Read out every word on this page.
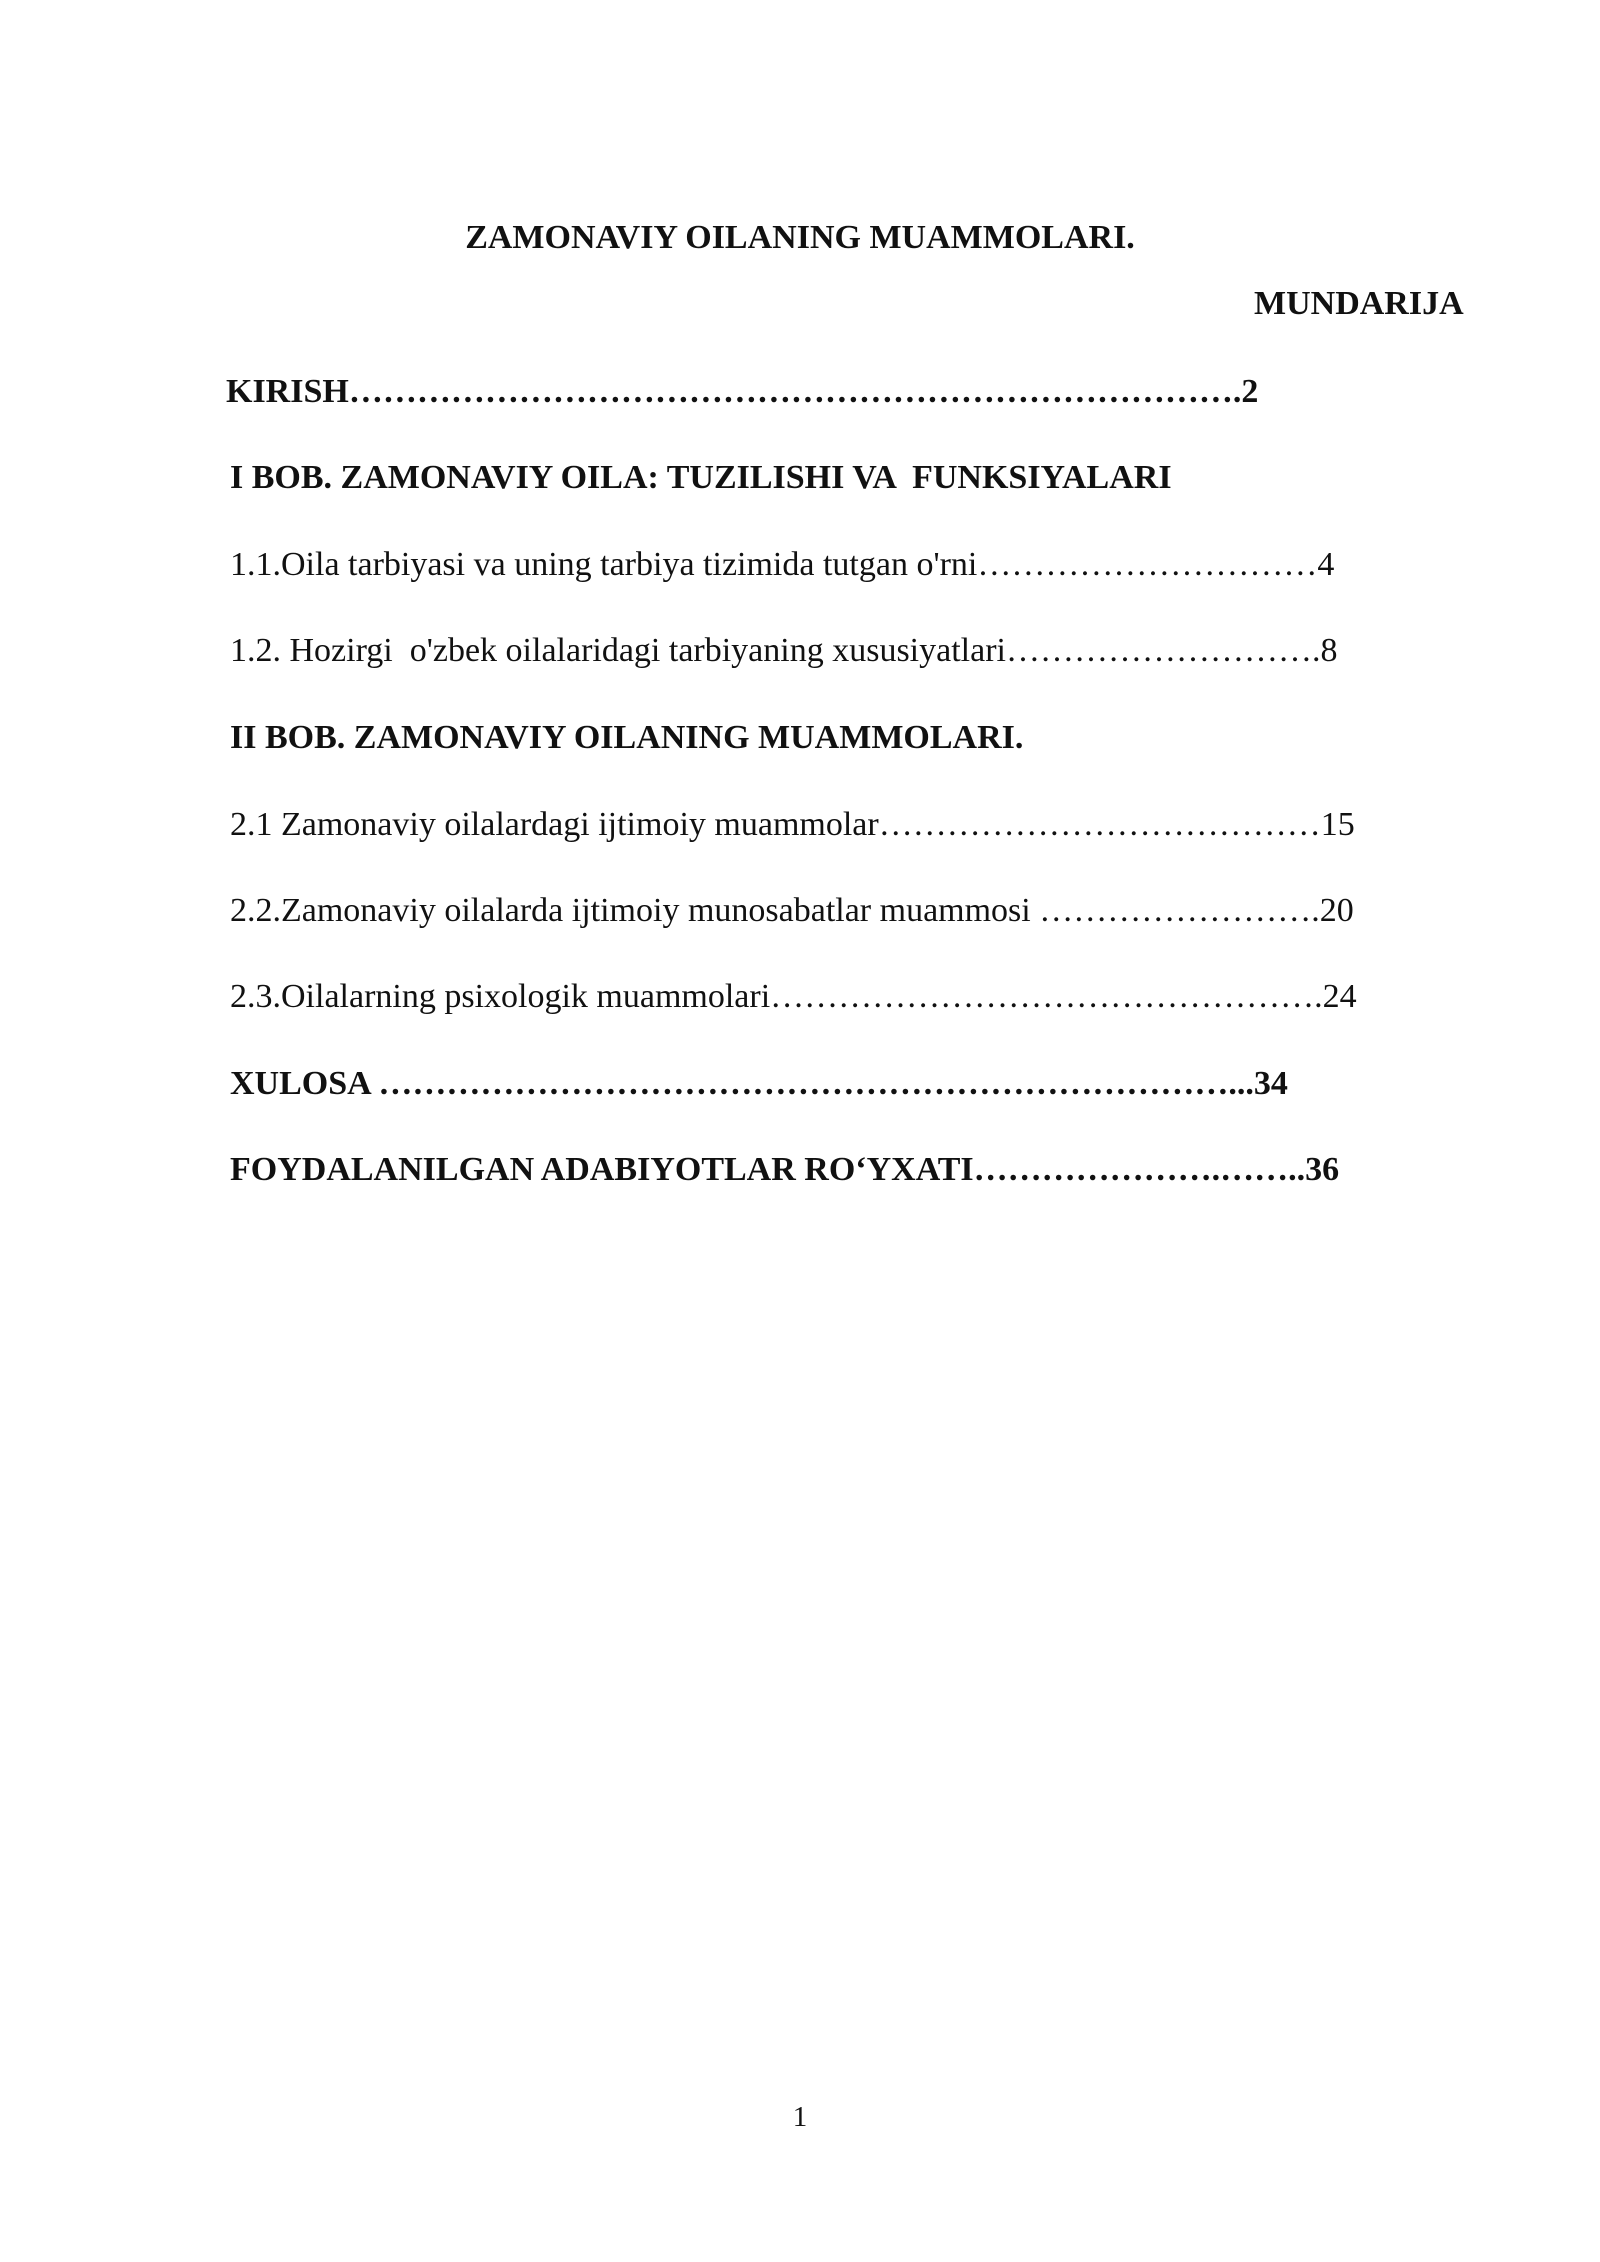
ZAMONAVIY OILANING MUAMMOLARI.
MUNDARIJA
KIRISH…………………………………………………………………….2
I BOB. ZAMONAVIY OILA: TUZILISHI VA  FUNKSIYALARI
1.1.Oila tarbiyasi va uning tarbiya tizimida tutgan o'rni…………………………4
1.2. Hozirgi  o'zbek oilalaridagi tarbiyaning xususiyatlari……………………….8
II BOB. ZAMONAVIY OILANING MUAMMOLARI.
2.1 Zamonaviy oilalardagi ijtimoiy muammolar…………………………………15
2.2.Zamonaviy oilalarda ijtimoiy munosabatlar muammosi …………………….20
2.3.Oilalarning psixologik muammolari………………………………………….24
XULOSA …………………………………………………………………...34
FOYDALANILGAN ADABIYOTLAR RO‘YXATI………………….……..36
1
